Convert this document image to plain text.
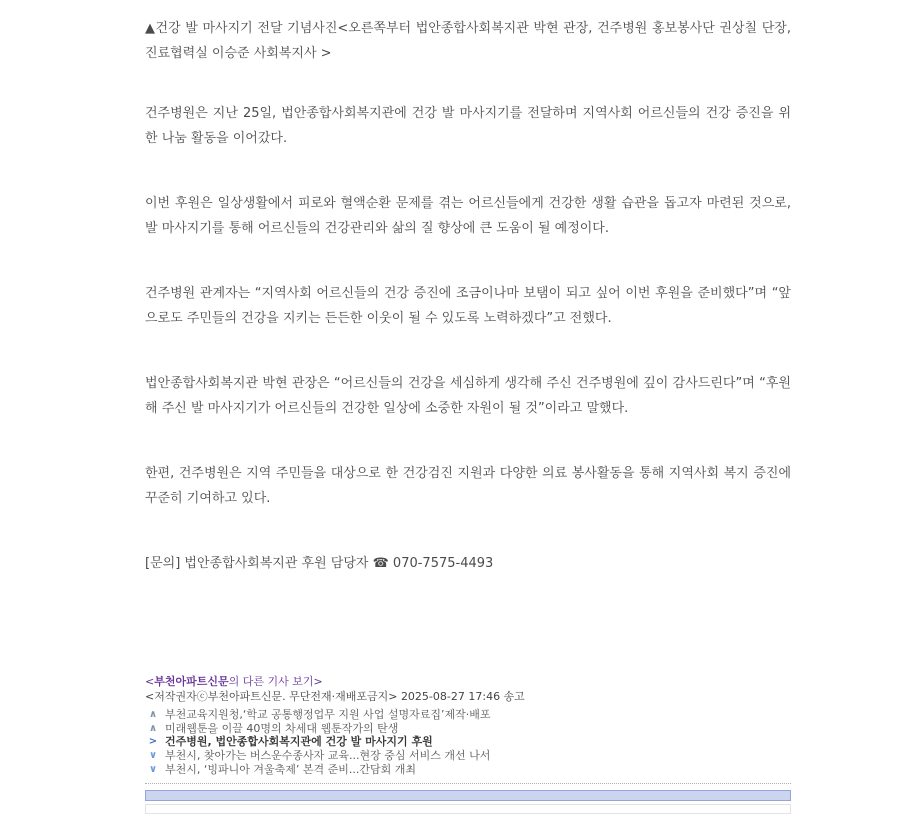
▲건강 발 마사지기 전달 기념사진<오른쪽부터 법안종합사회복지관 박현 관장, 건주병원 홍보봉사단 권상칠 단장, 진료협력실 이승준 사회복지사 >

건주병원은 지난 25일, 법안종합사회복지관에 건강 발 마사지기를 전달하며 지역사회 어르신들의 건강 증진을 위한 나눔 활동을 이어갔다.

이번 후원은 일상생활에서 피로와 혈액순환 문제를 겪는 어르신들에게 건강한 생활 습관을 돕고자 마련된 것으로, 발 마사지기를 통해 어르신들의 건강관리와 삶의 질 향상에 큰 도움이 될 예정이다.

건주병원 관계자는 “지역사회 어르신들의 건강 증진에 조금이나마 보탬이 되고 싶어 이번 후원을 준비했다”며 “앞으로도 주민들의 건강을 지키는 든든한 이웃이 될 수 있도록 노력하겠다”고 전했다.

법안종합사회복지관 박현 관장은 “어르신들의 건강을 세심하게 생각해 주신 건주병원에 깊이 감사드린다”며 “후원해 주신 발 마사지기가 어르신들의 건강한 일상에 소중한 자원이 될 것”이라고 말했다.

한편, 건주병원은 지역 주민들을 대상으로 한 건강검진 지원과 다양한 의료 봉사활동을 통해 지역사회 복지 증진에 꾸준히 기여하고 있다.

[문의] 법안종합사회복지관 후원 담당자 ☎ 070-7575-4493

<부천아파트신문의 다른 기사 보기>
<저작권자ⓒ부천아파트신문. 무단전재·재배포금지> 2025-08-27 17:46 송고
∧ 부천교육지원청,‘학교 공통행정업무 지원 사업 설명자료집’제작·배포
∧ 미래웹툰을 이끌 40명의 차세대 웹툰작가의 탄생
> 건주병원, 법안종합사회복지관에 건강 발 마사지기 후원
∨ 부천시, 찾아가는 버스운수종사자 교육...현장 중심 서비스 개선 나서
∨ 부천시, ‘빙파니아 겨울축제’ 본격 준비...간담회 개최
